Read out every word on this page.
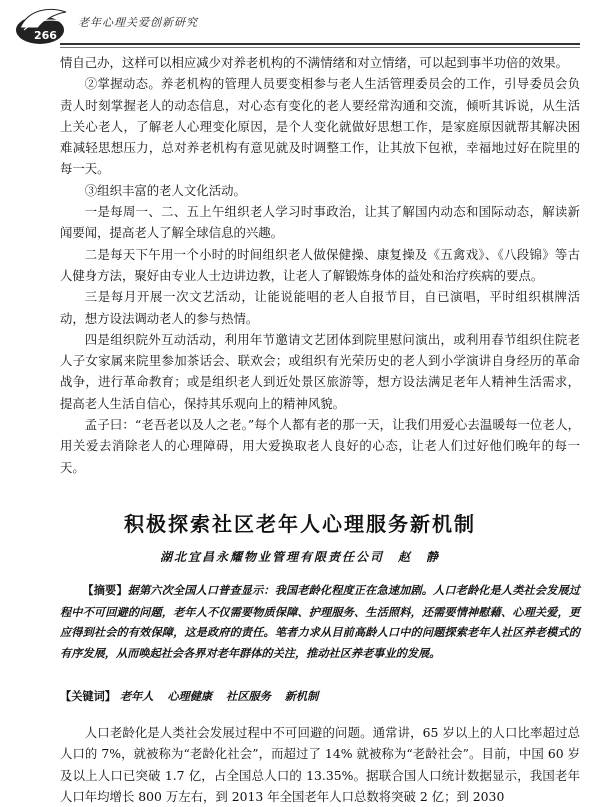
266
老年心理关爱创新研究

情自己办，这样可以相应减少对养老机构的不满情绪和对立情绪，可以起到事半功倍的效果。

②掌握动态。养老机构的管理人员要变相参与老人生活管理委员会的工作，引导委员会负责人时刻掌握老人的动态信息，对心态有变化的老人要经常沟通和交流，倾听其诉说，从生活上关心老人，了解老人心理变化原因，是个人变化就做好思想工作，是家庭原因就帮其解决困难减轻思想压力，总对养老机构有意见就及时调整工作，让其放下包袱，幸福地过好在院里的每一天。

③组织丰富的老人文化活动。

一是每周一、二、五上午组织老人学习时事政治，让其了解国内动态和国际动态，解读新闻要闻，提高老人了解全球信息的兴趣。

二是每天下午用一个小时的时间组织老人做保健操、康复操及《五禽戏》、《八段锦》等古人健身方法，聚好由专业人士边讲边教，让老人了解锻炼身体的益处和治疗疾病的要点。

三是每月开展一次文艺活动，让能说能唱的老人自报节目，自已演唱，平时组织棋牌活动，想方设法调动老人的参与热情。

四是组织院外互动活动，利用年节邀请文艺团体到院里慰问演出，或利用春节组织住院老人子女家属来院里参加茶话会、联欢会；或组织有光荣历史的老人到小学演讲自身经历的革命战争，进行革命教育；或是组织老人到近处景区旅游等，想方设法满足老年人精神生活需求，提高老人生活自信心，保持其乐观向上的精神风貌。

孟子曰：“老吾老以及人之老。”每个人都有老的那一天，让我们用爱心去温暖每一位老人，用关爱去消除老人的心理障碍，用大爱换取老人良好的心态，让老人们过好他们晚年的每一天。

积极探索社区老年人心理服务新机制
湖北宜昌永耀物业管理有限责任公司　赵　静

【摘要】据第六次全国人口普查显示：我国老龄化程度正在急速加剧。人口老龄化是人类社会发展过程中不可回避的问题，老年人不仅需要物质保障、护理服务、生活照料，还需要情神慰藉、心理关爱，更应得到社会的有效保障，这是政府的责任。笔者力求从目前高龄人口中的问题探索老年人社区养老模式的有序发展，从而唤起社会各界对老年群体的关注，推动社区养老事业的发展。

【关键词】 老年人 心理健康 社区服务 新机制

人口老龄化是人类社会发展过程中不可回避的问题。通常讲，65 岁以上的人口比率超过总人口的 7%，就被称为“老龄化社会”，而超过了 14% 就被称为“老龄社会”。目前，中国 60 岁及以上人口已突破 1.7 亿，占全国总人口的 13.35%。据联合国人口统计数据显示，我国老年人口年均增长 800 万左右，到 2013 年全国老年人口总数将突破 2 亿；到 2030
